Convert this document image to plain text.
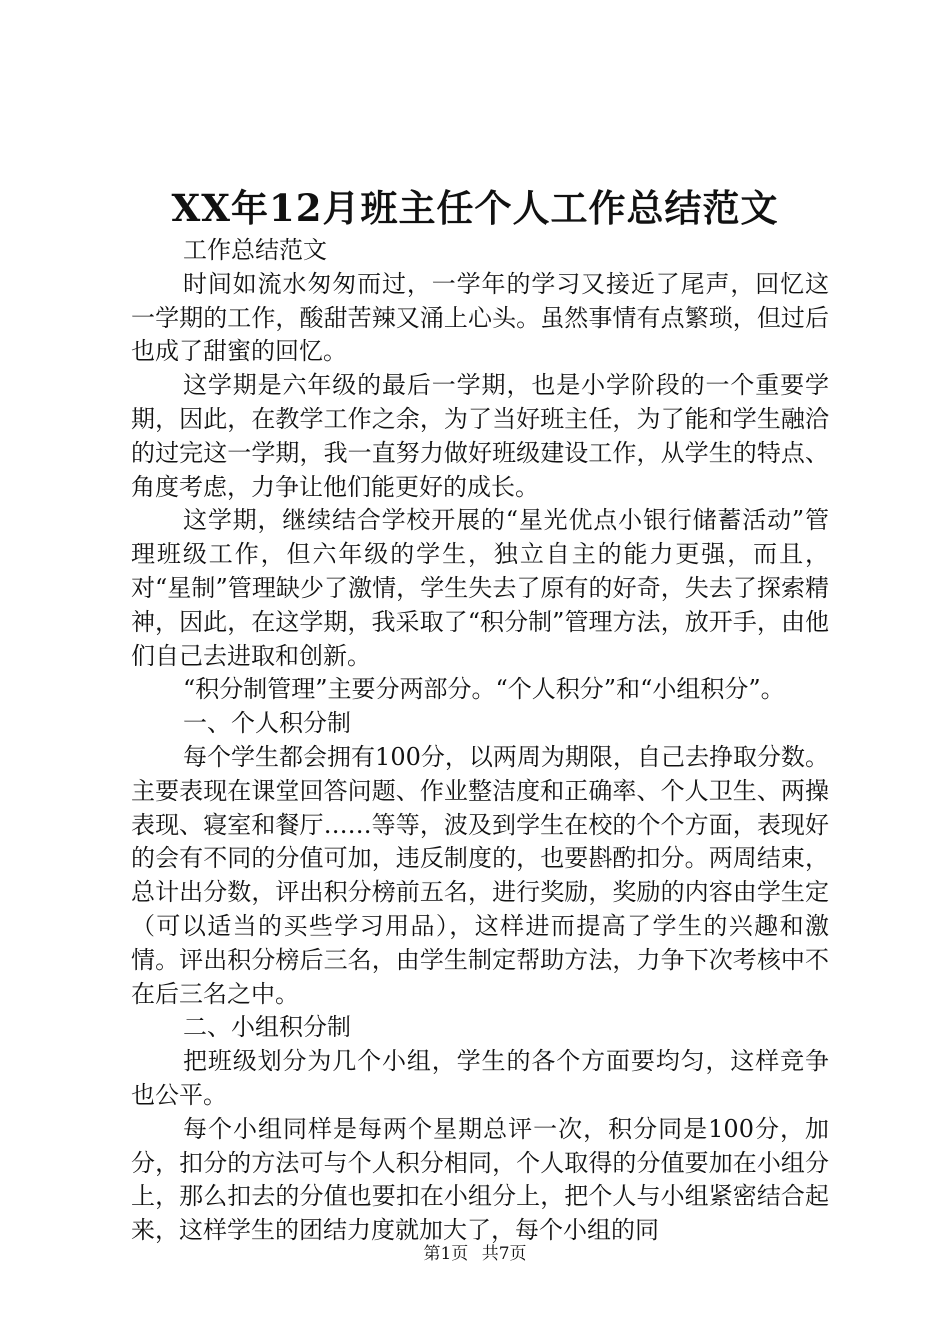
XX年12月班主任个人工作总结范文

工作总结范文

时间如流水匆匆而过，一学年的学习又接近了尾声，回忆这一学期的工作，酸甜苦辣又涌上心头。虽然事情有点繁琐，但过后也成了甜蜜的回忆。

这学期是六年级的最后一学期，也是小学阶段的一个重要学期，因此，在教学工作之余，为了当好班主任，为了能和学生融洽的过完这一学期，我一直努力做好班级建设工作，从学生的特点、角度考虑，力争让他们能更好的成长。

这学期，继续结合学校开展的“星光优点小银行储蓄活动”管理班级工作，但六年级的学生，独立自主的能力更强，而且，对“星制”管理缺少了激情，学生失去了原有的好奇，失去了探索精神，因此，在这学期，我采取了“积分制”管理方法，放开手，由他们自己去进取和创新。

“积分制管理”主要分两部分。“个人积分”和“小组积分”。

一、个人积分制

每个学生都会拥有100分，以两周为期限，自己去挣取分数。主要表现在课堂回答问题、作业整洁度和正确率、个人卫生、两操表现、寝室和餐厅……等等，波及到学生在校的个个方面，表现好的会有不同的分值可加，违反制度的，也要斟酌扣分。两周结束，总计出分数，评出积分榜前五名，进行奖励，奖励的内容由学生定（可以适当的买些学习用品），这样进而提高了学生的兴趣和激情。评出积分榜后三名，由学生制定帮助方法，力争下次考核中不在后三名之中。

二、小组积分制

把班级划分为几个小组，学生的各个方面要均匀，这样竞争也公平。

每个小组同样是每两个星期总评一次，积分同是100分，加分，扣分的方法可与个人积分相同，个人取得的分值要加在小组分上，那么扣去的分值也要扣在小组分上，把个人与小组紧密结合起来，这样学生的团结力度就加大了，每个小组的同

第1页 共7页
